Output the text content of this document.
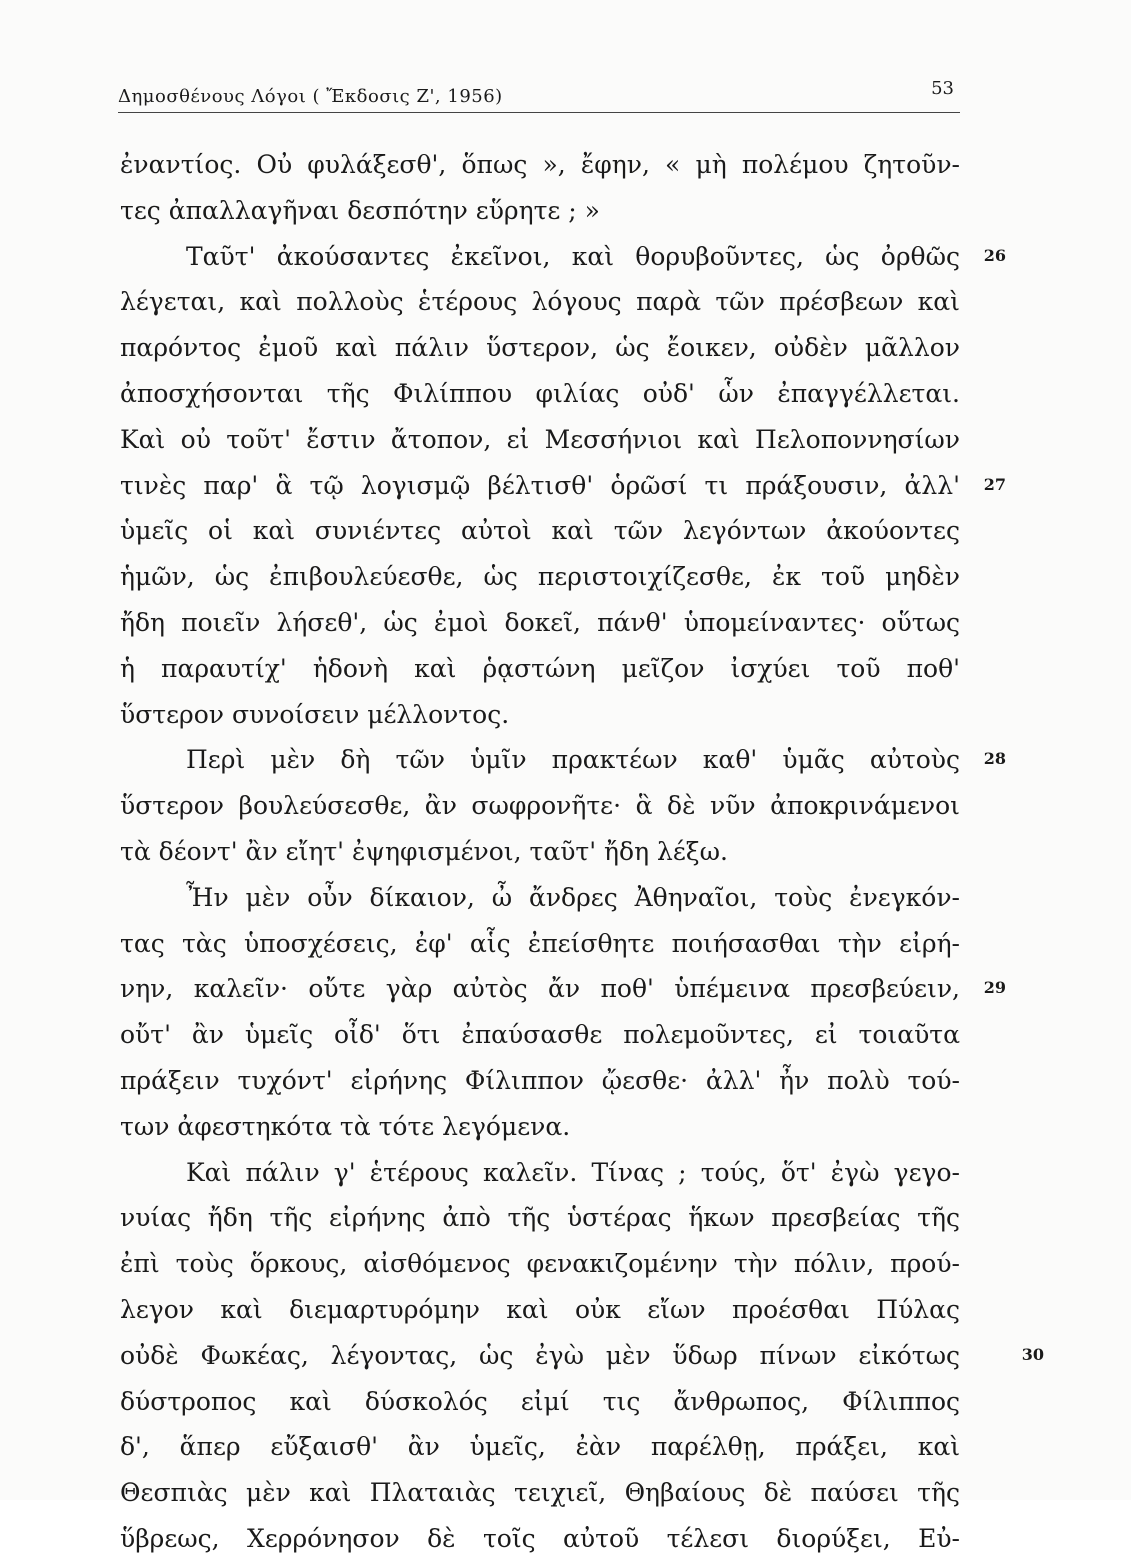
Δημοσθένους Λόγοι ( Ἔκδοσις Ζ', 1956)	53
ἐναντίος. Οὐ φυλάξεσθ', ὅπως », ἔφην, « μὴ πολέμου ζητοῦν-
τες ἀπαλλαγῆναι δεσπότην εὕρητε ; »
Ταῦτ' ἀκούσαντες ἐκεῖνοι, καὶ θορυβοῦντες, ὡς ὀρθῶς 26
λέγεται, καὶ πολλοὺς ἑτέρους λόγους παρὰ τῶν πρέσβεων καὶ
παρόντος ἐμοῦ καὶ πάλιν ὕστερον, ὡς ἔοικεν, οὐδὲν μᾶλλον
ἀποσχήσονται τῆς Φιλίππου φιλίας οὐδ' ὧν ἐπαγγέλλεται.
Καὶ οὐ τοῦτ' ἔστιν ἄτοπον, εἰ Μεσσήνιοι καὶ Πελοποννησίων
τινὲς παρ' ἃ τῷ λογισμῷ βέλτισθ' ὁρῶσί τι πράξουσιν, ἀλλ' 27
ὑμεῖς οἱ καὶ συνιέντες αὐτοὶ καὶ τῶν λεγόντων ἀκούοντες
ἡμῶν, ὡς ἐπιβουλεύεσθε, ὡς περιστοιχίζεσθε, ἐκ τοῦ μηδὲν
ἤδη ποιεῖν λήσεθ', ὡς ἐμοὶ δοκεῖ, πάνθ' ὑπομείναντες· οὕτως
ἡ παραυτίχ' ἡδονὴ καὶ ῥᾳστώνη μεῖζον ἰσχύει τοῦ ποθ'
ὕστερον συνοίσειν μέλλοντος.
Περὶ μὲν δὴ τῶν ὑμῖν πρακτέων καθ' ὑμᾶς αὐτοὺς 28
ὕστερον βουλεύσεσθε, ἂν σωφρονῆτε· ἃ δὲ νῦν ἀποκρινάμενοι
τὰ δέοντ' ἂν εἴητ' ἐψηφισμένοι, ταῦτ' ἤδη λέξω.
Ἦν μὲν οὖν δίκαιον, ὦ ἄνδρες Ἀθηναῖοι, τοὺς ἐνεγκόν-
τας τὰς ὑποσχέσεις, ἐφ' αἷς ἐπείσθητε ποιήσασθαι τὴν εἰρή-
νην, καλεῖν· οὔτε γὰρ αὐτὸς ἄν ποθ' ὑπέμεινα πρεσβεύειν, 29
οὔτ' ἂν ὑμεῖς οἶδ' ὅτι ἐπαύσασθε πολεμοῦντες, εἰ τοιαῦτα
πράξειν τυχόντ' εἰρήνης Φίλιππον ᾤεσθε· ἀλλ' ἦν πολὺ τού-
των ἀφεστηκότα τὰ τότε λεγόμενα.
Καὶ πάλιν γ' ἑτέρους καλεῖν. Τίνας ; τούς, ὅτ' ἐγὼ γεγο-
νυίας ἤδη τῆς εἰρήνης ἀπὸ τῆς ὑστέρας ἥκων πρεσβείας τῆς
ἐπὶ τοὺς ὅρκους, αἰσθόμενος φενακιζομένην τὴν πόλιν, πρού-
λεγον καὶ διεμαρτυρόμην καὶ οὐκ εἴων προέσθαι Πύλας
οὐδὲ Φωκέας, λέγοντας, ὡς ἐγὼ μὲν ὕδωρ πίνων εἰκότως	30
δύστροπος καὶ δύσκολός εἰμί τις ἄνθρωπος, Φίλιππος
δ', ἅπερ εὔξαισθ' ἂν ὑμεῖς, ἐὰν παρέλθῃ, πράξει, καὶ
Θεσπιὰς μὲν καὶ Πλαταιὰς τειχιεῖ, Θηβαίους δὲ παύσει τῆς
ὕβρεως, Χερρόνησον δὲ τοῖς αὐτοῦ τέλεσι διορύξει, Εὐ-
